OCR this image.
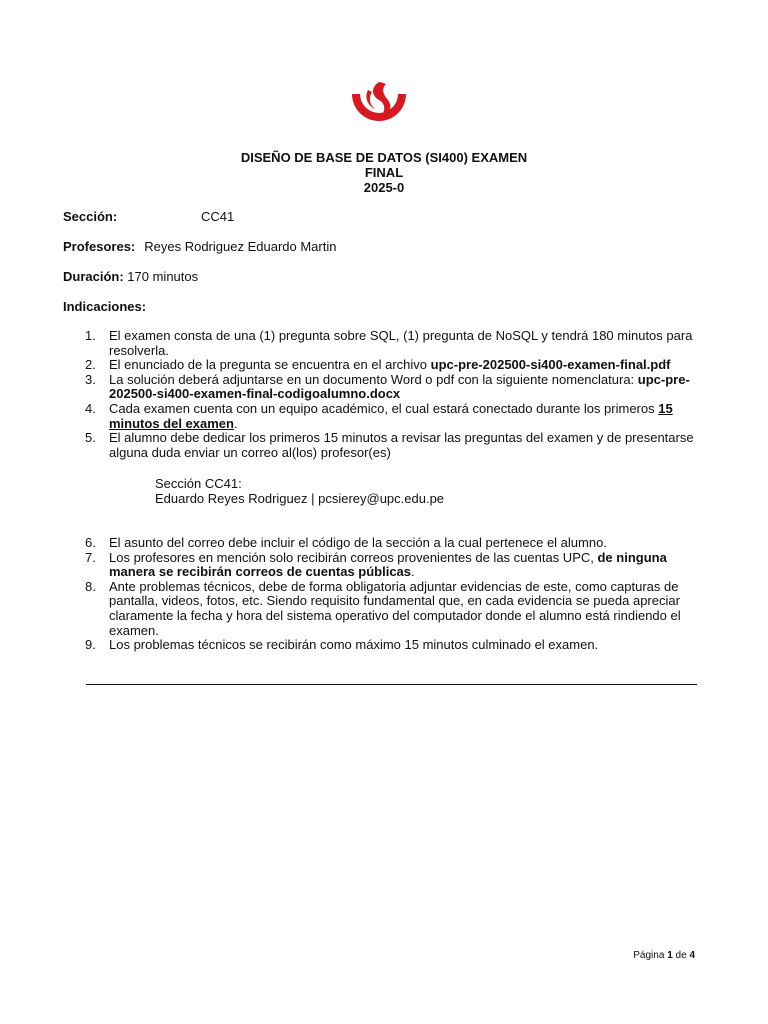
DISEÑO DE BASE DE DATOS (SI400) EXAMEN
FINAL
2025-0
Sección:	CC41
Profesores: Reyes Rodriguez Eduardo Martin
Duración: 170 minutos
Indicaciones:
1. El examen consta de una (1) pregunta sobre SQL, (1) pregunta de NoSQL y tendrá 180 minutos para resolverla.
2. El enunciado de la pregunta se encuentra en el archivo upc-pre-202500-si400-examen-final.pdf
3. La solución deberá adjuntarse en un documento Word o pdf con la siguiente nomenclatura: upc-pre-202500-si400-examen-final-codigoalumno.docx
4. Cada examen cuenta con un equipo académico, el cual estará conectado durante los primeros 15 minutos del examen.
5. El alumno debe dedicar los primeros 15 minutos a revisar las preguntas del examen y de presentarse alguna duda enviar un correo al(los) profesor(es)
Sección CC41:
Eduardo Reyes Rodriguez | pcsierey@upc.edu.pe
6. El asunto del correo debe incluir el código de la sección a la cual pertenece el alumno.
7. Los profesores en mención solo recibirán correos provenientes de las cuentas UPC, de ninguna manera se recibirán correos de cuentas públicas.
8. Ante problemas técnicos, debe de forma obligatoria adjuntar evidencias de este, como capturas de pantalla, videos, fotos, etc. Siendo requisito fundamental que, en cada evidencia se pueda apreciar claramente la fecha y hora del sistema operativo del computador donde el alumno está rindiendo el examen.
9. Los problemas técnicos se recibirán como máximo 15 minutos culminado el examen.
Página 1 de 4
